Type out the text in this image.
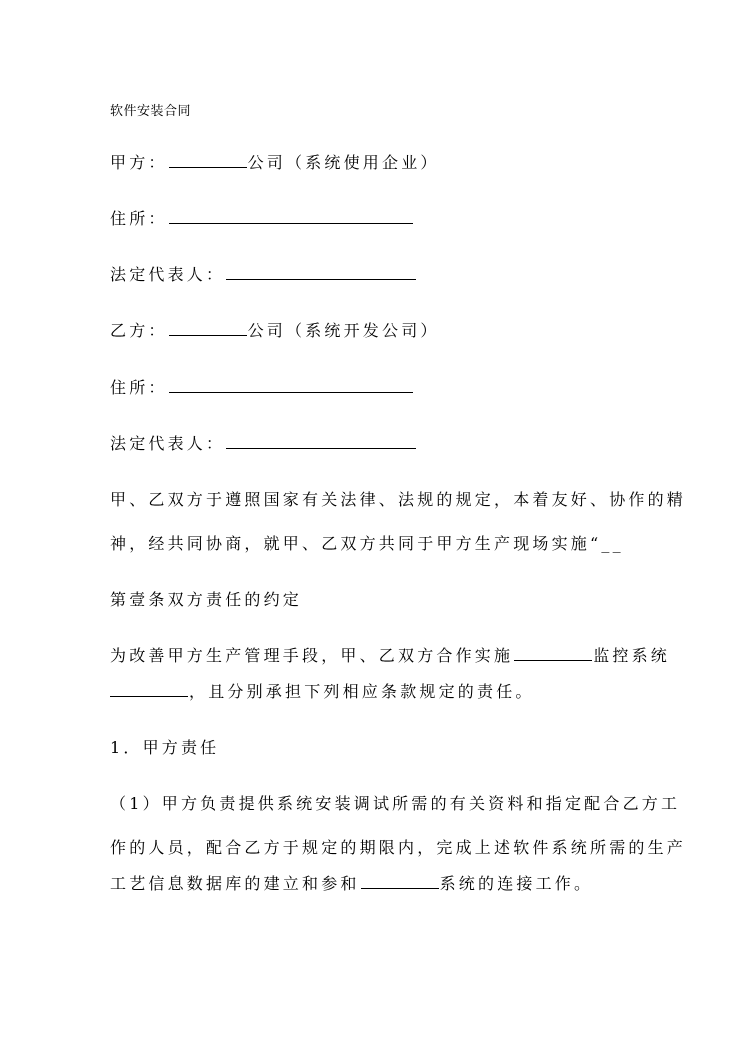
软件安装合同
甲方：	公司（系统使用企业）
住所：
法定代表人：
乙方：	公司（系统开发公司）
住所：
法定代表人：
甲、乙双方于遵照国家有关法律、法规的规定，本着友好、协作的精
神，经共同协商，就甲、乙双方共同于甲方生产现场实施“__
第壹条双方责任的约定
为改善甲方生产管理手段，甲、乙双方合作实施	监控系统
，且分别承担下列相应条款规定的责任。
1．甲方责任
（1）甲方负责提供系统安装调试所需的有关资料和指定配合乙方工
作的人员，配合乙方于规定的期限内，完成上述软件系统所需的生产
工艺信息数据库的建立和参和	系统的连接工作。
